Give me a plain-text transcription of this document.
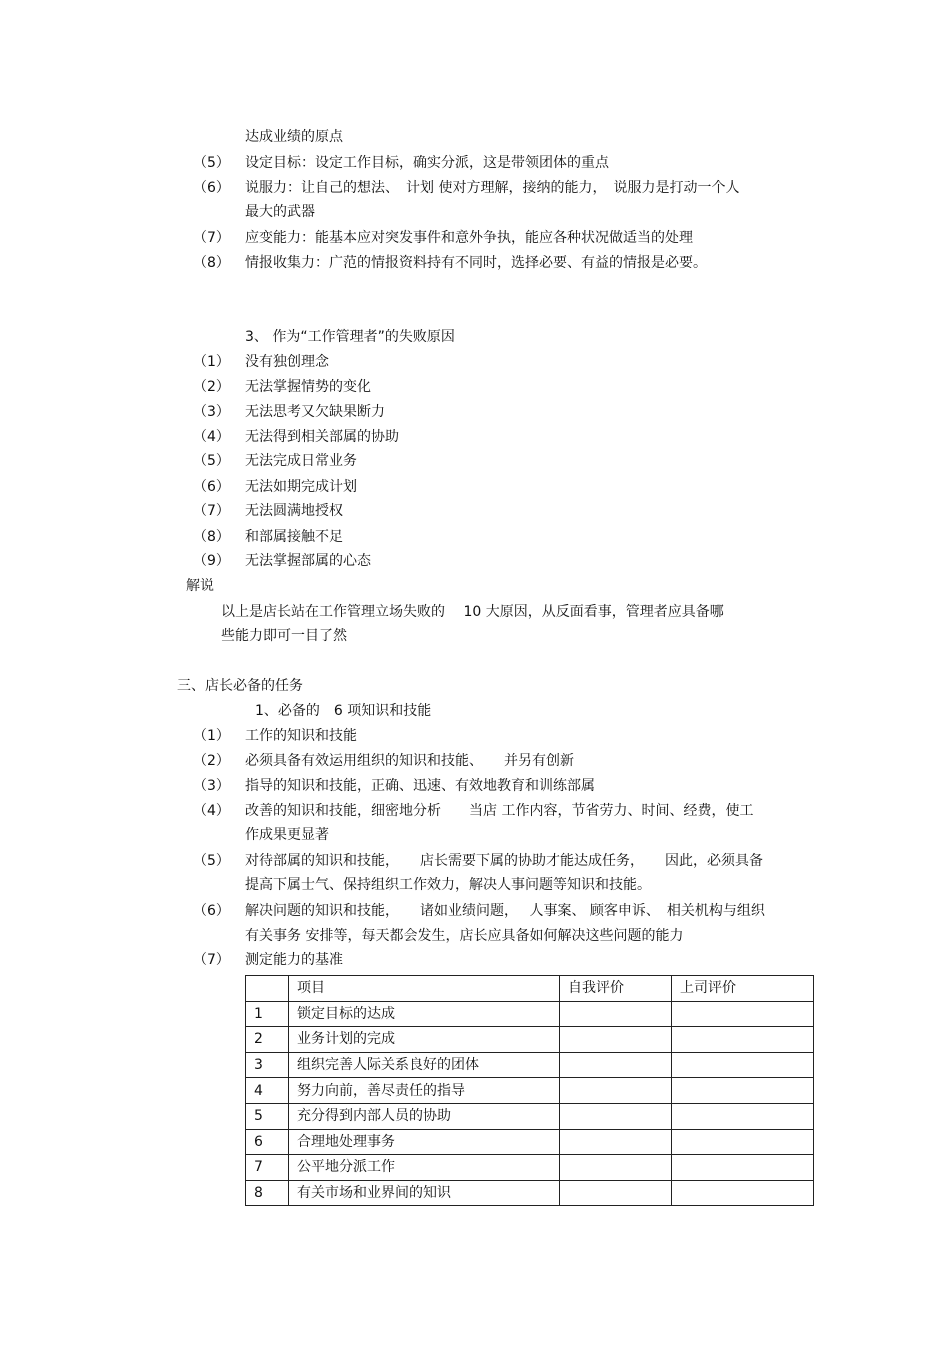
达成业绩的原点
（5） 设定目标：设定工作目标，确实分派，这是带领团体的重点
（6） 说服力：让自己的想法、　计划 使对方理解，接纳的能力，　说服力是打动一个人
最大的武器
（7） 应变能力：能基本应对突发事件和意外争执，能应各种状况做适当的处理
（8） 情报收集力：广范的情报资料持有不同时，选择必要、有益的情报是必要。
3、 作为“工作管理者”的失败原因
（1） 没有独创理念
（2） 无法掌握情势的变化
（3） 无法思考又欠缺果断力
（4） 无法得到相关部属的协助
（5） 无法完成日常业务
（6） 无法如期完成计划
（7） 无法圆满地授权
（8） 和部属接触不足
（9） 无法掌握部属的心态
解说
以上是店长站在工作管理立场失败的　 10 大原因，从反面看事，管理者应具备哪
些能力即可一目了然
三、店长必备的任务
1、必备的　6 项知识和技能
（1） 工作的知识和技能
（2） 必须具备有效运用组织的知识和技能、　　并另有创新
（3） 指导的知识和技能，正确、迅速、有效地教育和训练部属
（4） 改善的知识和技能，细密地分析　　当店 工作内容，节省劳力、时间、经费，使工
作成果更显著
（5） 对待部属的知识和技能，　　店长需要下属的协助才能达成任务，　　因此，必须具备
提高下属士气、保持组织工作效力，解决人事问题等知识和技能。
（6） 解决问题的知识和技能，　　诸如业绩问题，　 人事案、 顾客申诉、　相关机构与组织
有关事务 安排等，每天都会发生，店长应具备如何解决这些问题的能力
（7） 测定能力的基准
	项目	自我评价	上司评价
1	锁定目标的达成		
2	业务计划的完成		
3	组织完善人际关系良好的团体		
4	努力向前，善尽责任的指导		
5	充分得到内部人员的协助		
6	合理地处理事务		
7	公平地分派工作		
8	有关市场和业界间的知识		
